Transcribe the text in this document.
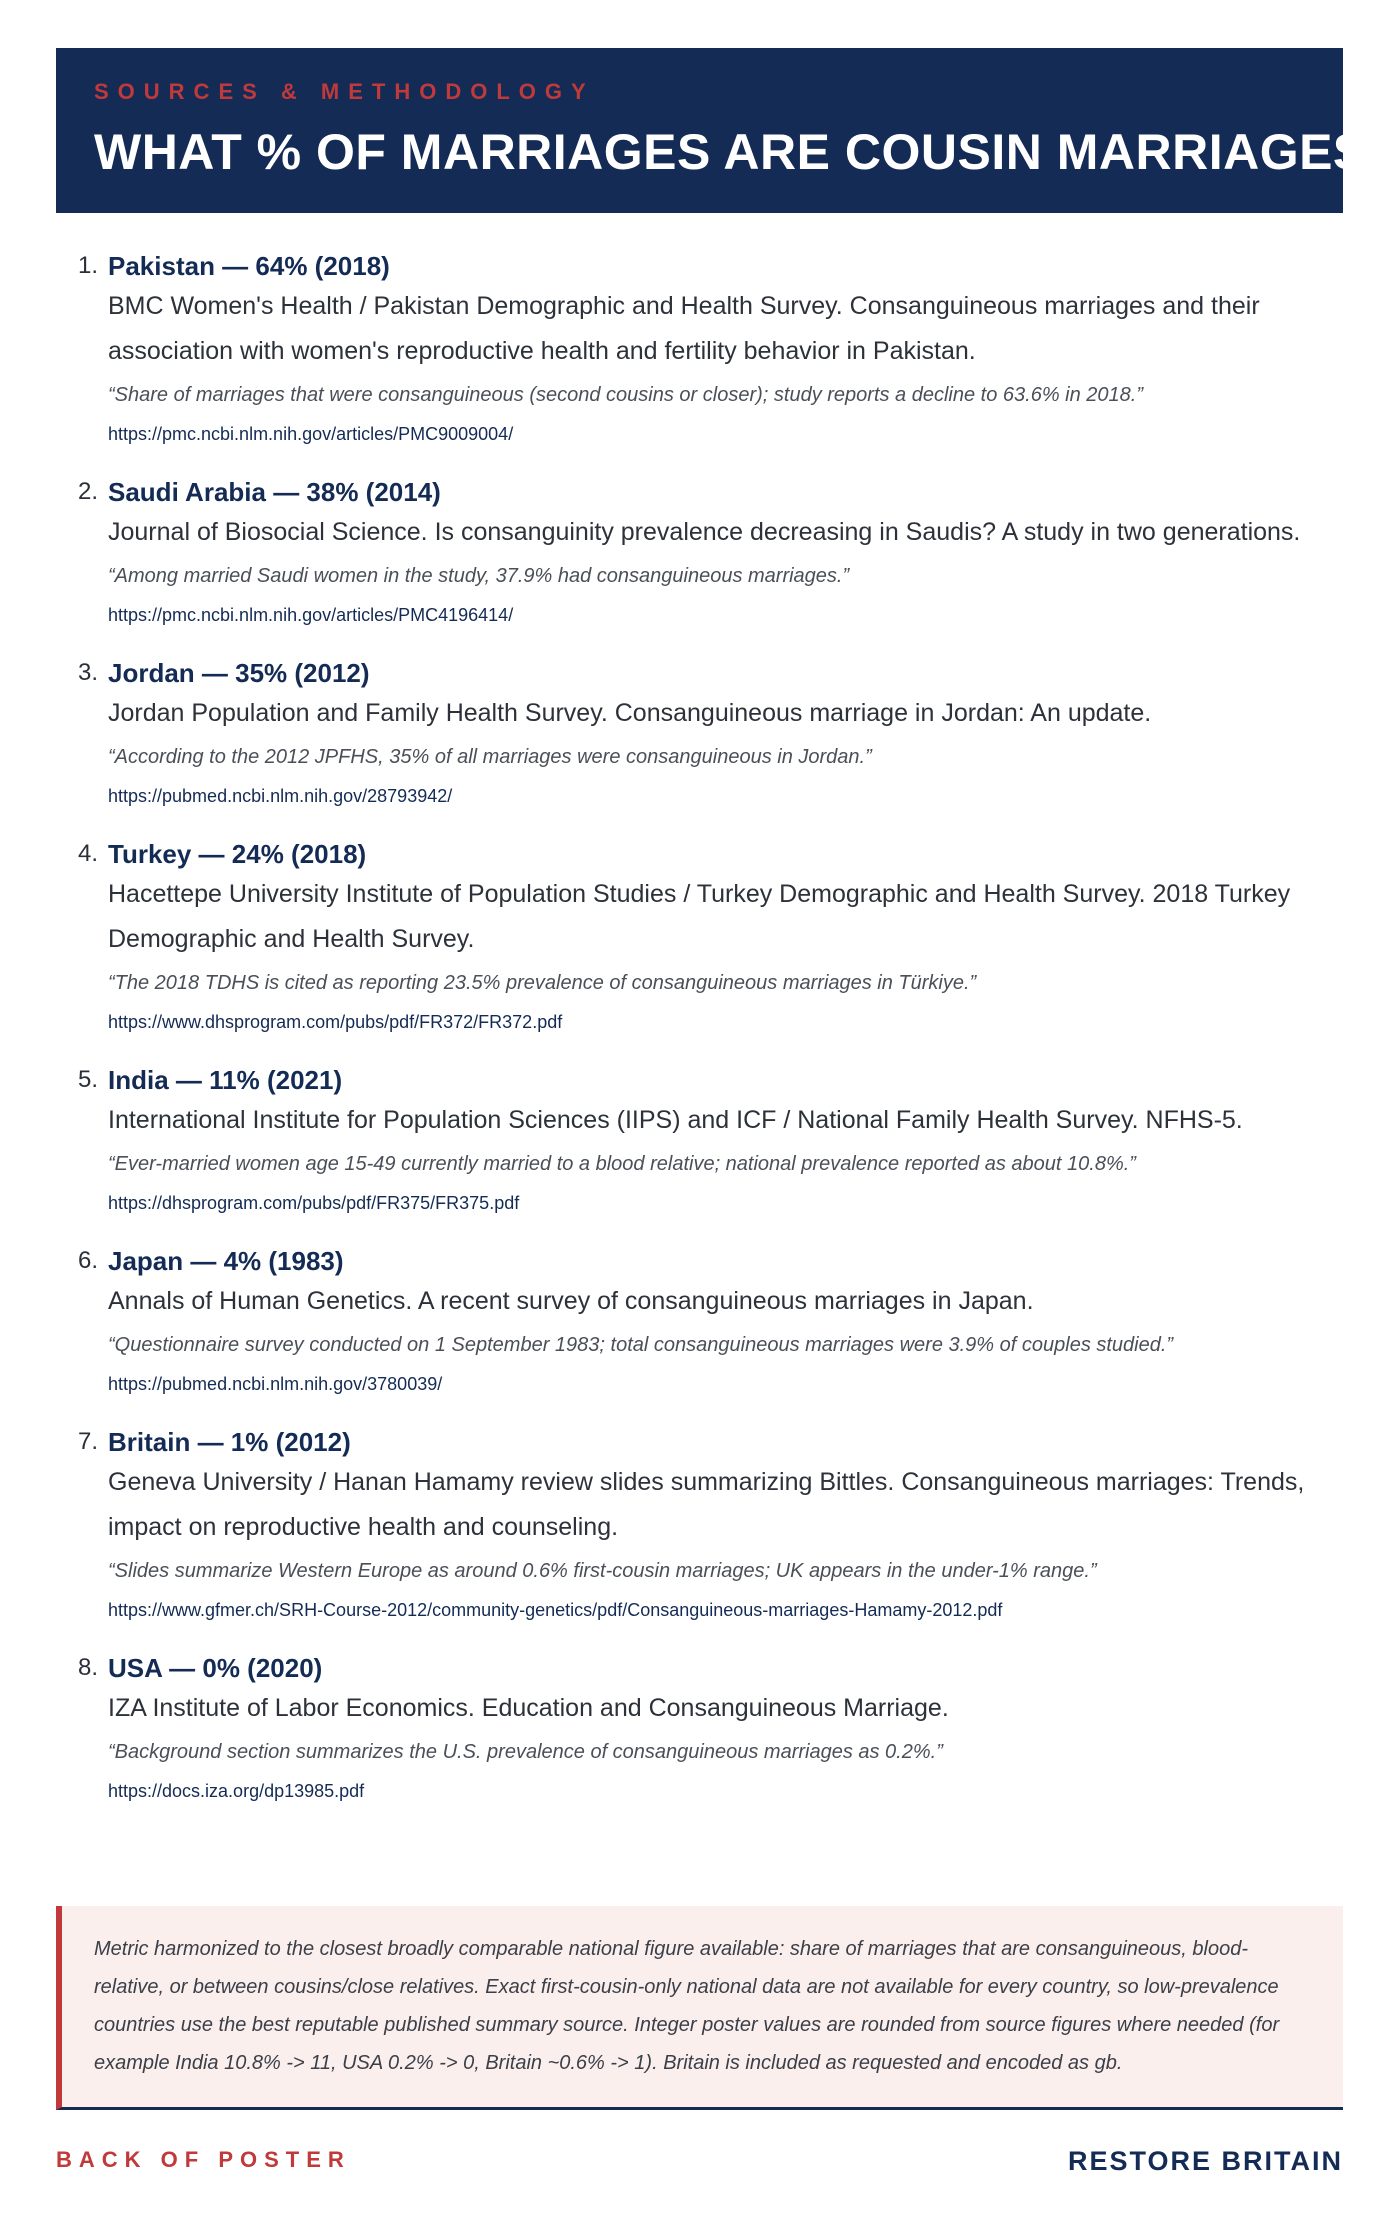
SOURCES & METHODOLOGY
WHAT % OF MARRIAGES ARE COUSIN MARRIAGES?
1. Pakistan — 64% (2018)
BMC Women's Health / Pakistan Demographic and Health Survey. Consanguineous marriages and their association with women's reproductive health and fertility behavior in Pakistan.
“Share of marriages that were consanguineous (second cousins or closer); study reports a decline to 63.6% in 2018.”
https://pmc.ncbi.nlm.nih.gov/articles/PMC9009004/
2. Saudi Arabia — 38% (2014)
Journal of Biosocial Science. Is consanguinity prevalence decreasing in Saudis? A study in two generations.
“Among married Saudi women in the study, 37.9% had consanguineous marriages.”
https://pmc.ncbi.nlm.nih.gov/articles/PMC4196414/
3. Jordan — 35% (2012)
Jordan Population and Family Health Survey. Consanguineous marriage in Jordan: An update.
“According to the 2012 JPFHS, 35% of all marriages were consanguineous in Jordan.”
https://pubmed.ncbi.nlm.nih.gov/28793942/
4. Turkey — 24% (2018)
Hacettepe University Institute of Population Studies / Turkey Demographic and Health Survey. 2018 Turkey Demographic and Health Survey.
“The 2018 TDHS is cited as reporting 23.5% prevalence of consanguineous marriages in Türkiye.”
https://www.dhsprogram.com/pubs/pdf/FR372/FR372.pdf
5. India — 11% (2021)
International Institute for Population Sciences (IIPS) and ICF / National Family Health Survey. NFHS-5.
“Ever-married women age 15-49 currently married to a blood relative; national prevalence reported as about 10.8%.”
https://dhsprogram.com/pubs/pdf/FR375/FR375.pdf
6. Japan — 4% (1983)
Annals of Human Genetics. A recent survey of consanguineous marriages in Japan.
“Questionnaire survey conducted on 1 September 1983; total consanguineous marriages were 3.9% of couples studied.”
https://pubmed.ncbi.nlm.nih.gov/3780039/
7. Britain — 1% (2012)
Geneva University / Hanan Hamamy review slides summarizing Bittles. Consanguineous marriages: Trends, impact on reproductive health and counseling.
“Slides summarize Western Europe as around 0.6% first-cousin marriages; UK appears in the under-1% range.”
https://www.gfmer.ch/SRH-Course-2012/community-genetics/pdf/Consanguineous-marriages-Hamamy-2012.pdf
8. USA — 0% (2020)
IZA Institute of Labor Economics. Education and Consanguineous Marriage.
“Background section summarizes the U.S. prevalence of consanguineous marriages as 0.2%.”
https://docs.iza.org/dp13985.pdf
Metric harmonized to the closest broadly comparable national figure available: share of marriages that are consanguineous, blood-relative, or between cousins/close relatives. Exact first-cousin-only national data are not available for every country, so low-prevalence countries use the best reputable published summary source. Integer poster values are rounded from source figures where needed (for example India 10.8% -> 11, USA 0.2% -> 0, Britain ~0.6% -> 1). Britain is included as requested and encoded as gb.
BACK OF POSTER	RESTORE BRITAIN
